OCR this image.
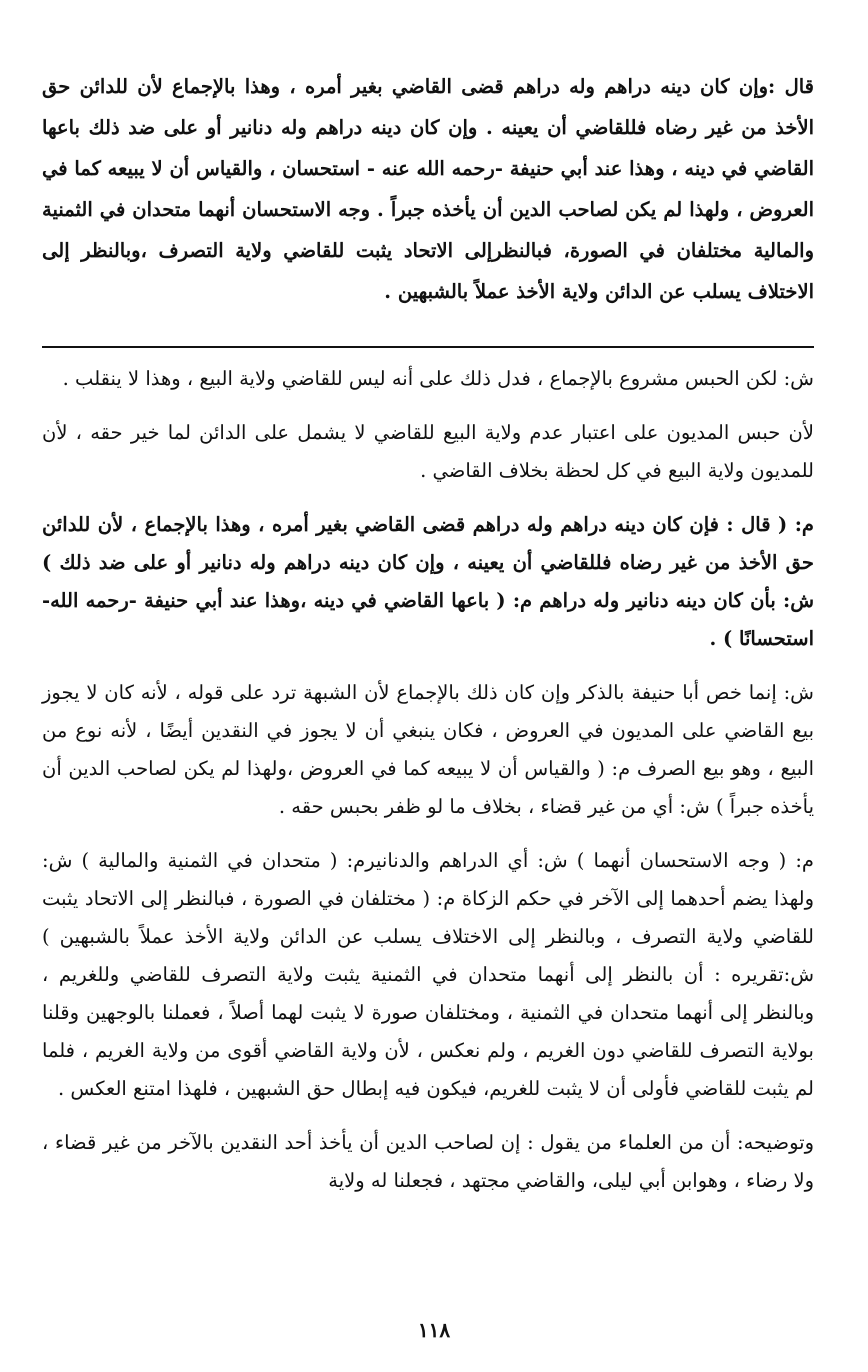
قال :وإن كان دينه دراهم وله دراهم قضى القاضي بغير أمره ، وهذا بالإجماع لأن للدائن حق الأخذ من غير رضاه فللقاضي أن يعينه . وإن كان دينه دراهم وله دنانير أو على ضد ذلك باعها القاضي في دينه ، وهذا عند أبي حنيفة -رحمه الله عنه - استحسان ، والقياس أن لا يبيعه كما في العروض ، ولهذا لم يكن لصاحب الدين أن يأخذه جبراً . وجه الاستحسان أنهما متحدان في الثمنية والمالية مختلفان في الصورة، فبالنظرإلى الاتحاد يثبت للقاضي ولاية التصرف ،وبالنظر إلى الاختلاف يسلب عن الدائن ولاية الأخذ عملاً بالشبهين .

ش: لكن الحبس مشروع بالإجماع ، فدل ذلك على أنه ليس للقاضي ولاية البيع ، وهذا لا ينقلب .

لأن حبس المديون على اعتبار عدم ولاية البيع للقاضي لا يشمل على الدائن لما خير حقه ، لأن للمديون ولاية البيع في كل لحظة بخلاف القاضي .

م: ( قال : فإن كان دينه دراهم وله دراهم قضى القاضي بغير أمره ، وهذا بالإجماع ، لأن للدائن حق الأخذ من غير رضاه فللقاضي أن يعينه ، وإن كان دينه دراهم وله دنانير أو على ضد ذلك ) ش: بأن كان دينه دنانير وله دراهم م: ( باعها القاضي في دينه ،وهذا عند أبي حنيفة -رحمه الله-استحسانًا ) .

ش: إنما خص أبا حنيفة بالذكر وإن كان ذلك بالإجماع لأن الشبهة ترد على قوله ، لأنه كان لا يجوز بيع القاضي على المديون في العروض ، فكان ينبغي أن لا يجوز في النقدين أيضًا ، لأنه نوع من البيع ، وهو بيع الصرف م: ( والقياس أن لا يبيعه كما في العروض ،ولهذا لم يكن لصاحب الدين أن يأخذه جبراً ) ش: أي من غير قضاء ، بخلاف ما لو ظفر بحبس حقه .

م: ( وجه الاستحسان أنهما ) ش: أي الدراهم والدنانيرم: ( متحدان في الثمنية والمالية ) ش: ولهذا يضم أحدهما إلى الآخر في حكم الزكاة م: ( مختلفان في الصورة ، فبالنظر إلى الاتحاد يثبت للقاضي ولاية التصرف ، وبالنظر إلى الاختلاف يسلب عن الدائن ولاية الأخذ عملاً بالشبهين ) ش:تقريره : أن بالنظر إلى أنهما متحدان في الثمنية يثبت ولاية التصرف للقاضي وللغريم ، وبالنظر إلى أنهما متحدان في الثمنية ، ومختلفان صورة لا يثبت لهما أصلاً ، فعملنا بالوجهين وقلنا بولاية التصرف للقاضي دون الغريم ، ولم نعكس ، لأن ولاية القاضي أقوى من ولاية الغريم ، فلما لم يثبت للقاضي فأولى أن لا يثبت للغريم، فيكون فيه إبطال حق الشبهين ، فلهذا امتنع العكس .

وتوضيحه: أن من العلماء من يقول : إن لصاحب الدين أن يأخذ أحد النقدين بالآخر من غير قضاء ، ولا رضاء ، وهوابن أبي ليلى، والقاضي مجتهد ، فجعلنا له ولاية

١١٨
